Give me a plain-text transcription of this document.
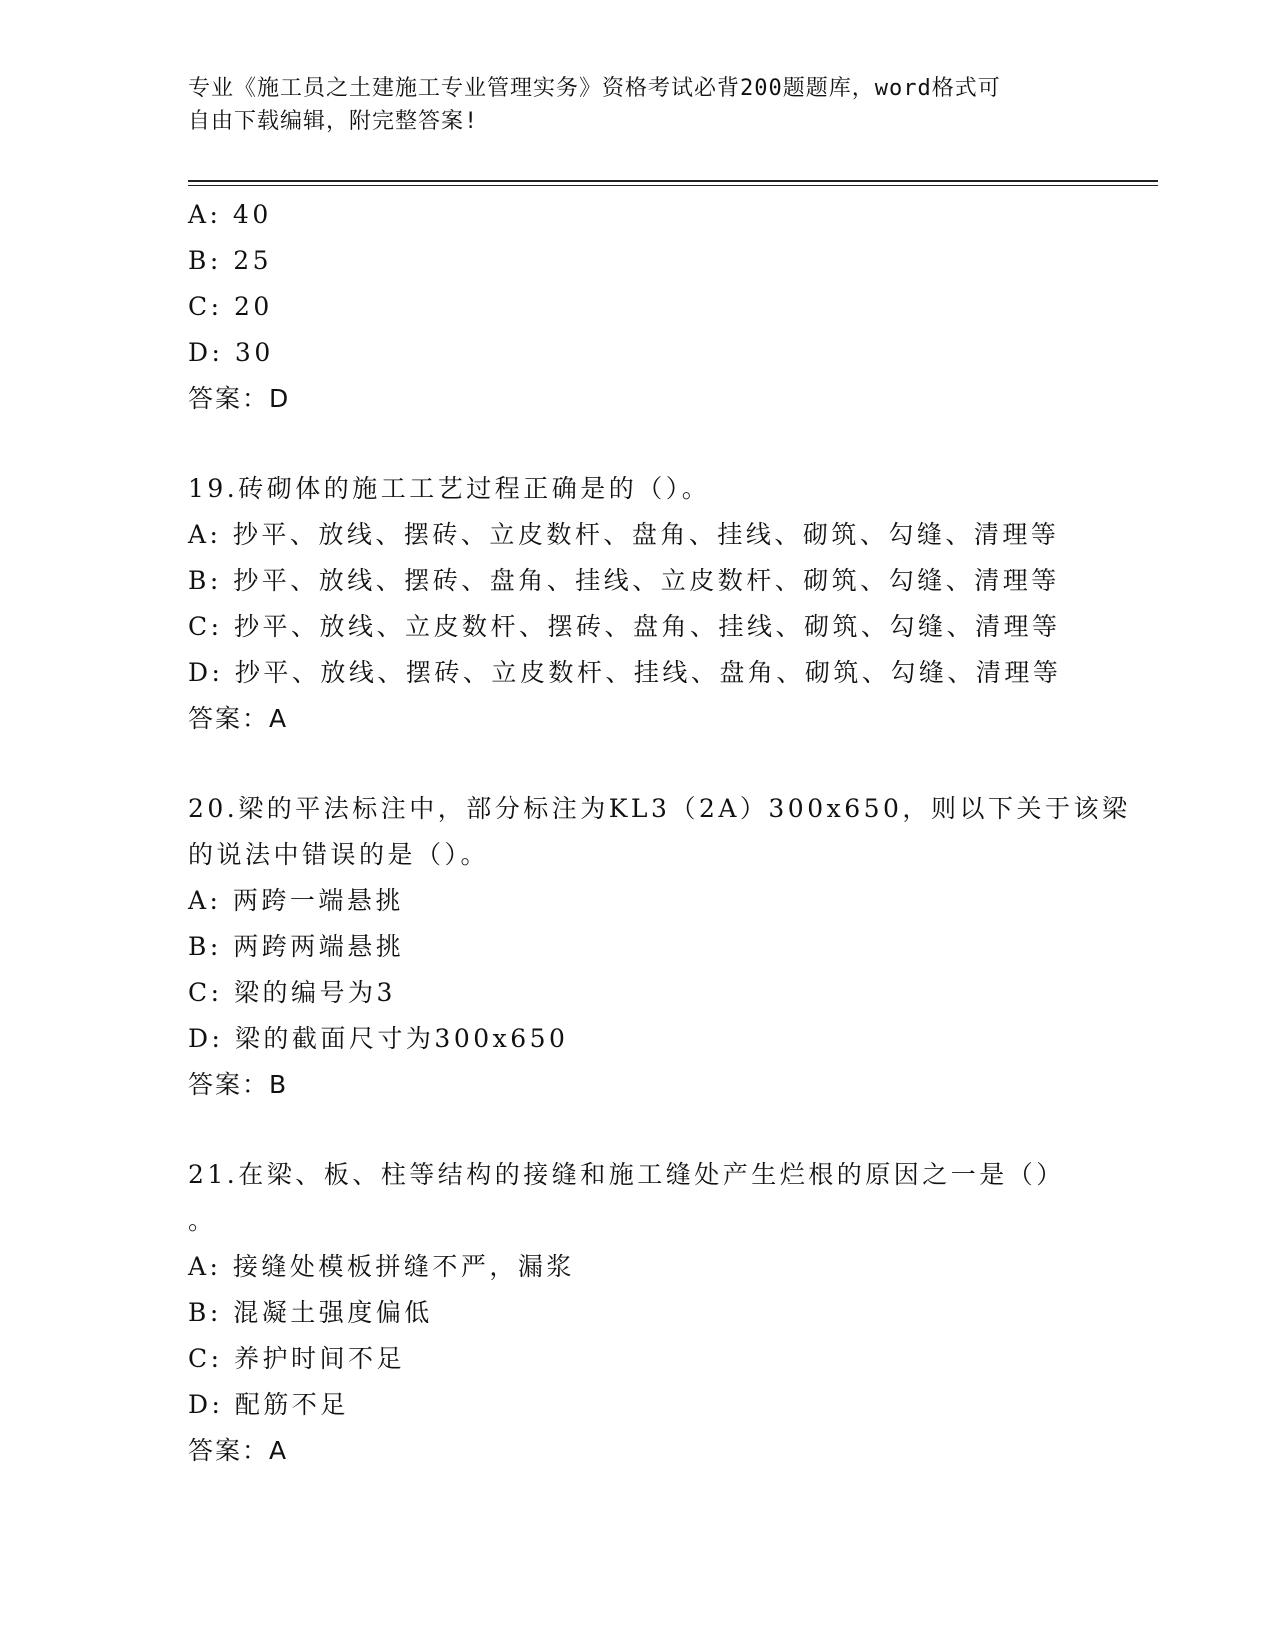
专业《施工员之土建施工专业管理实务》资格考试必背200题题库，word格式可
自由下载编辑，附完整答案!
A: 40
B: 25
C: 20
D: 30
答案：D
19.砖砌体的施工工艺过程正确是的（）。
A: 抄平、放线、摆砖、立皮数杆、盘角、挂线、砌筑、勾缝、清理等
B: 抄平、放线、摆砖、盘角、挂线、立皮数杆、砌筑、勾缝、清理等
C: 抄平、放线、立皮数杆、摆砖、盘角、挂线、砌筑、勾缝、清理等
D: 抄平、放线、摆砖、立皮数杆、挂线、盘角、砌筑、勾缝、清理等
答案：A
20.梁的平法标注中，部分标注为KL3（2A）300x650，则以下关于该梁
的说法中错误的是（）。
A: 两跨一端悬挑
B: 两跨两端悬挑
C: 梁的编号为3
D: 梁的截面尺寸为300x650
答案：B
21.在梁、板、柱等结构的接缝和施工缝处产生烂根的原因之一是（）
。
A: 接缝处模板拼缝不严，漏浆
B: 混凝土强度偏低
C: 养护时间不足
D: 配筋不足
答案：A
